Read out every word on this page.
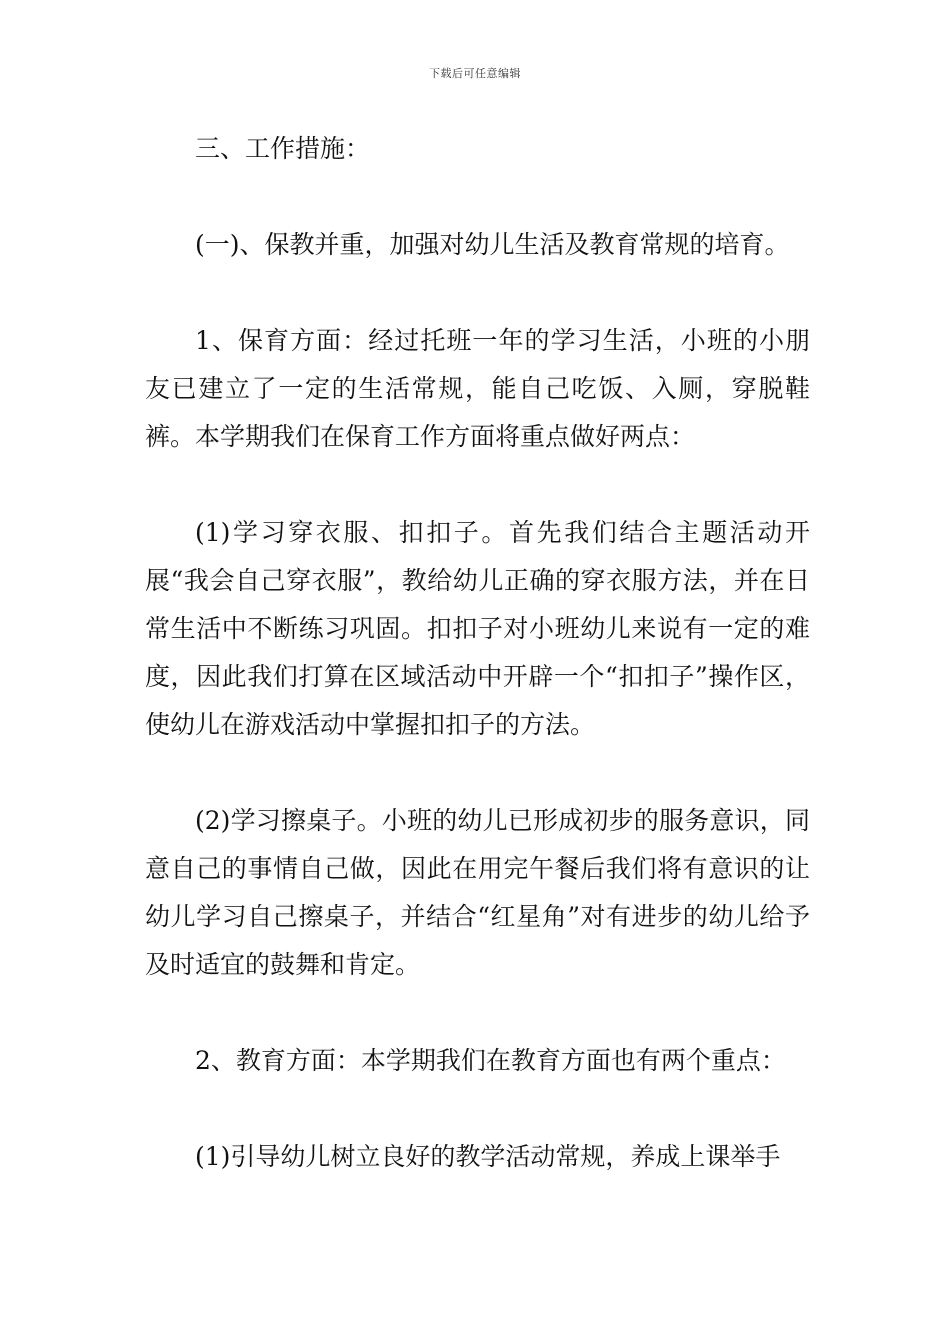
下载后可任意编辑

三、工作措施：

(一)、保教并重，加强对幼儿生活及教育常规的培育。

1、保育方面：经过托班一年的学习生活，小班的小朋友已建立了一定的生活常规，能自己吃饭、入厕，穿脱鞋裤。本学期我们在保育工作方面将重点做好两点：

(1)学习穿衣服、扣扣子。首先我们结合主题活动开展“我会自己穿衣服”，教给幼儿正确的穿衣服方法，并在日常生活中不断练习巩固。扣扣子对小班幼儿来说有一定的难度，因此我们打算在区域活动中开辟一个“扣扣子”操作区，使幼儿在游戏活动中掌握扣扣子的方法。

(2)学习擦桌子。小班的幼儿已形成初步的服务意识，同意自己的事情自己做，因此在用完午餐后我们将有意识的让幼儿学习自己擦桌子，并结合“红星角”对有进步的幼儿给予及时适宜的鼓舞和肯定。

2、教育方面：本学期我们在教育方面也有两个重点：

(1)引导幼儿树立良好的教学活动常规，养成上课举手
